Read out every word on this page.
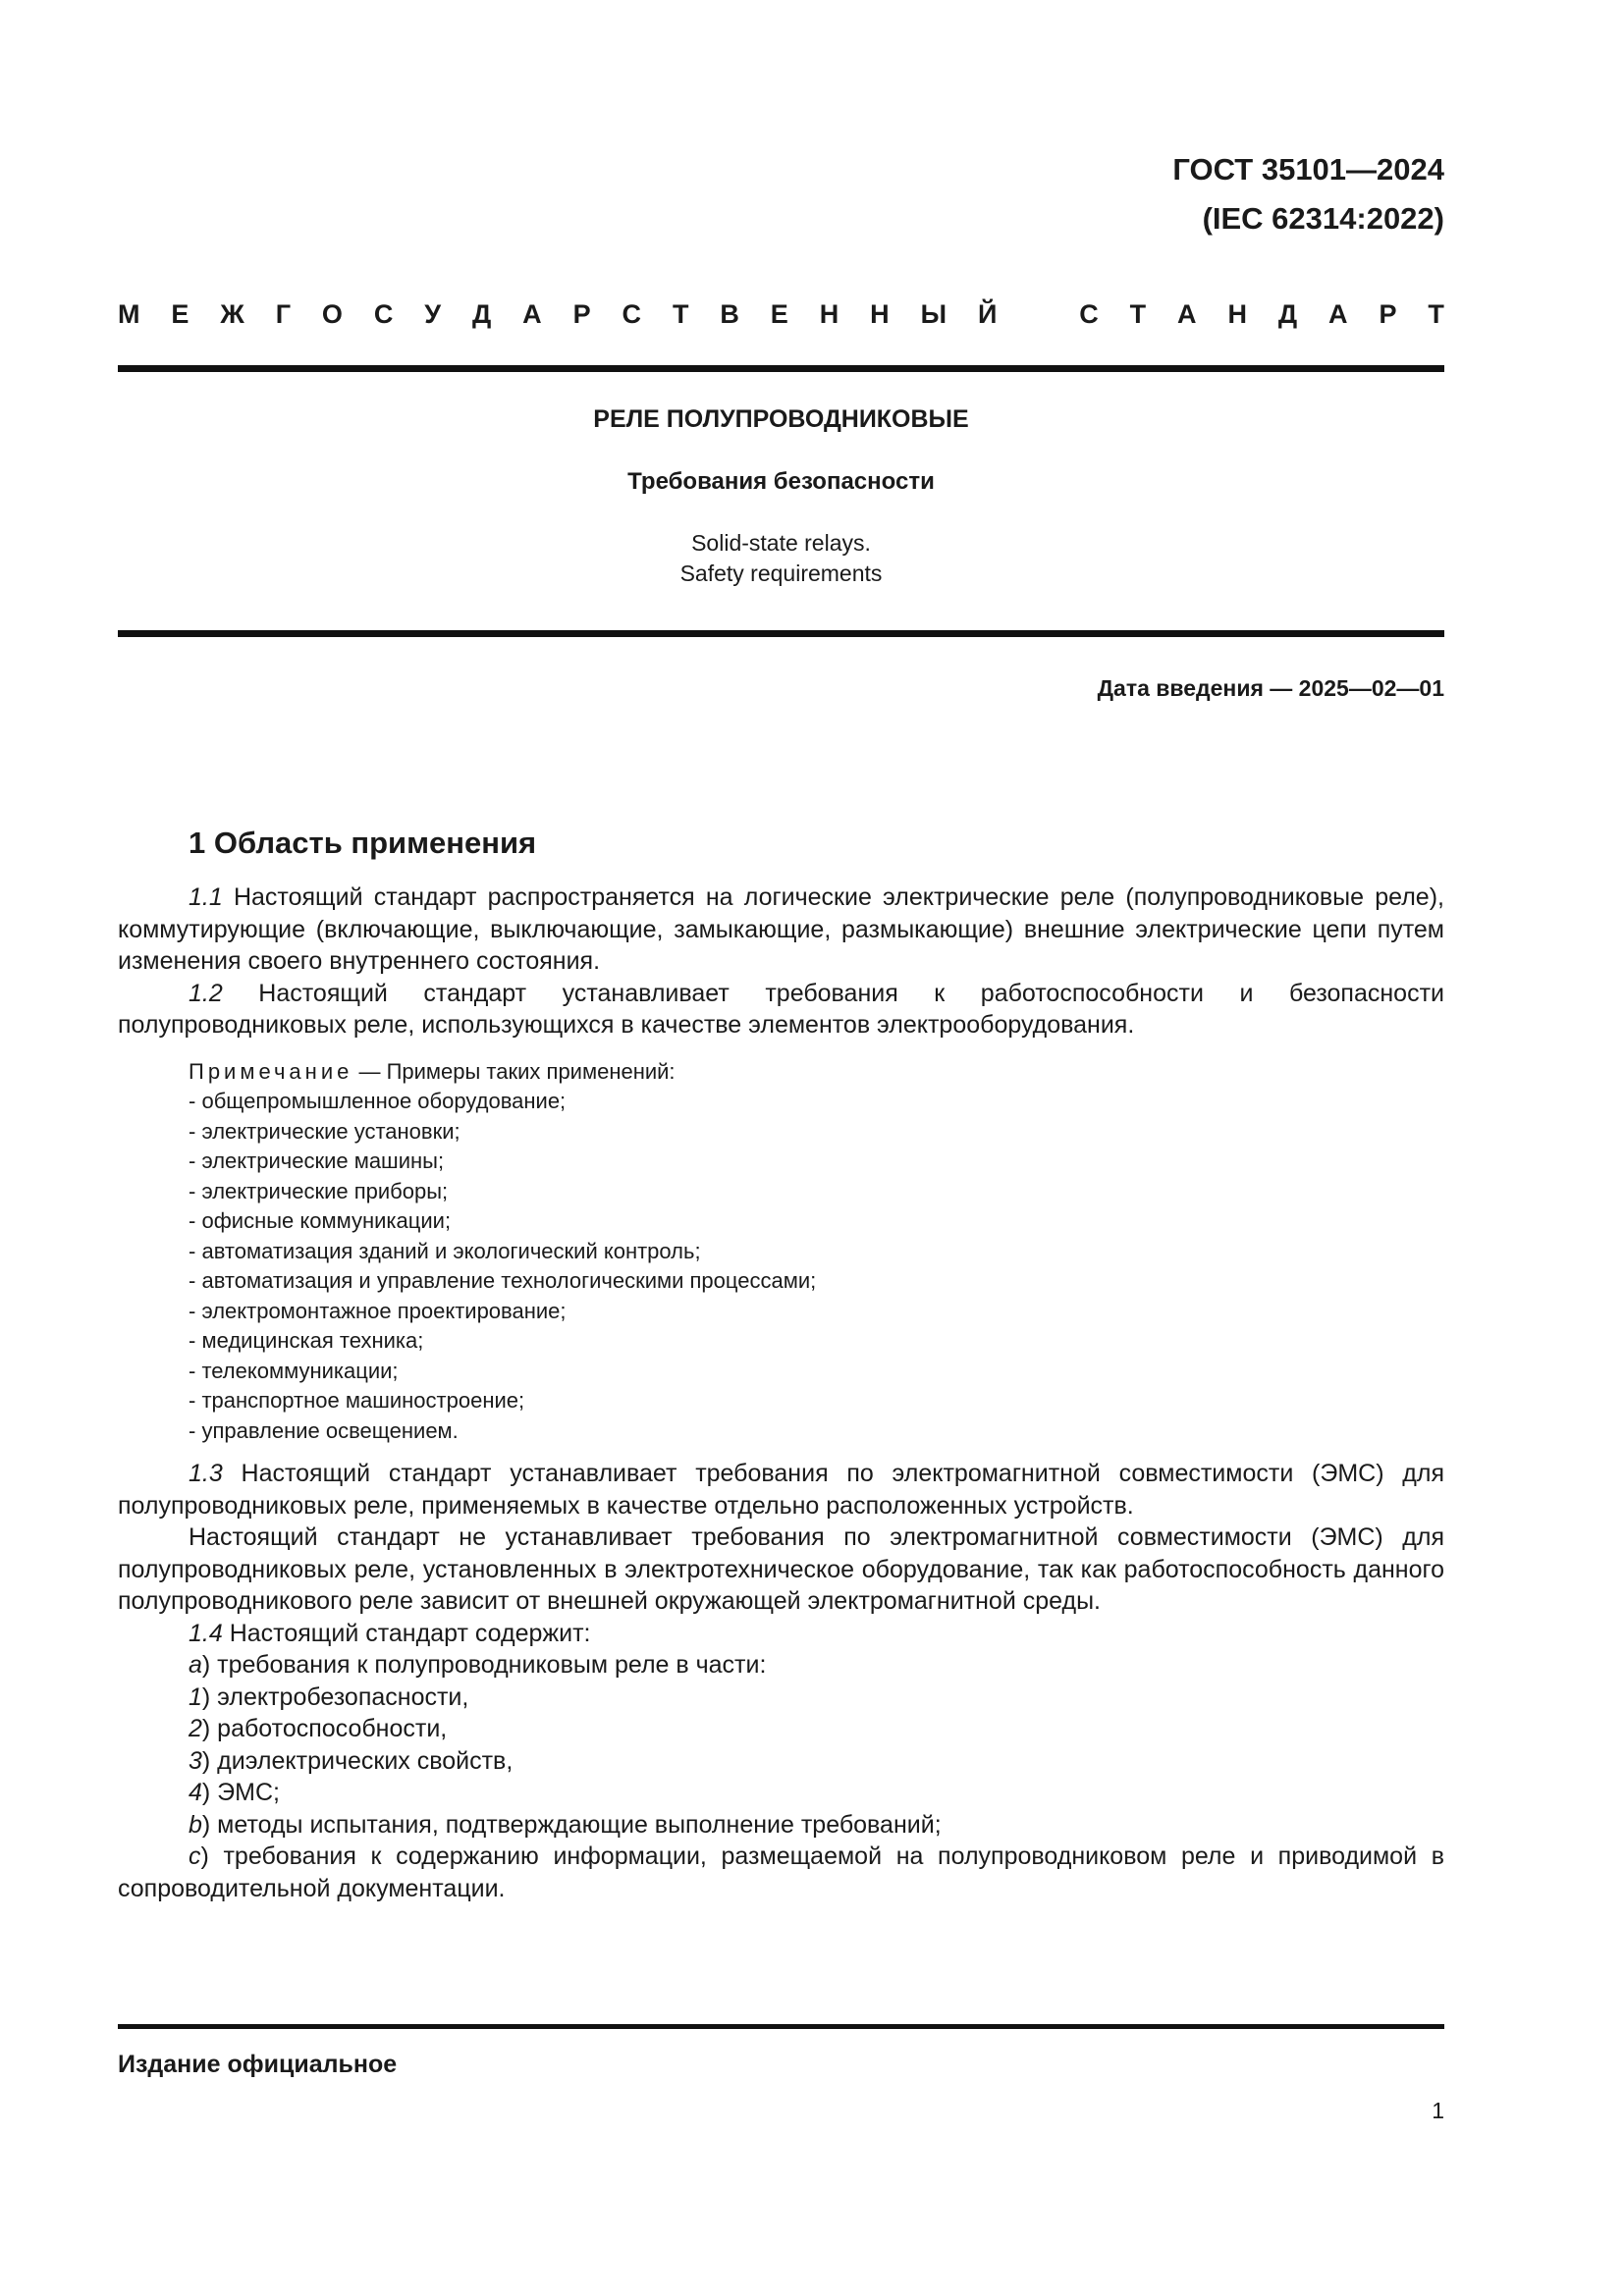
ГОСТ 35101—2024
(IEC 62314:2022)
М Е Ж Г О С У Д А Р С Т В Е Н Н Ы Й	С Т А Н Д А Р Т
РЕЛЕ ПОЛУПРОВОДНИКОВЫЕ
Требования безопасности
Solid-state relays.
Safety requirements
Дата введения — 2025—02—01
1 Область применения

1.1 Настоящий стандарт распространяется на логические электрические реле (полупроводниковые реле), коммутирующие (включающие, выключающие, замыкающие, размыкающие) внешние электрические цепи путем изменения своего внутреннего состояния.

1.2 Настоящий стандарт устанавливает требования к работоспособности и безопасности полупроводниковых реле, использующихся в качестве элементов электрооборудования.

Примечание — Примеры таких применений:
- общепромышленное оборудование;
- электрические установки;
- электрические машины;
- электрические приборы;
- офисные коммуникации;
- автоматизация зданий и экологический контроль;
- автоматизация и управление технологическими процессами;
- электромонтажное проектирование;
- медицинская техника;
- телекоммуникации;
- транспортное машиностроение;
- управление освещением.

1.3 Настоящий стандарт устанавливает требования по электромагнитной совместимости (ЭМС) для полупроводниковых реле, применяемых в качестве отдельно расположенных устройств.

Настоящий стандарт не устанавливает требования по электромагнитной совместимости (ЭМС) для полупроводниковых реле, установленных в электротехническое оборудование, так как работоспособность данного полупроводникового реле зависит от внешней окружающей электромагнитной среды.

1.4 Настоящий стандарт содержит:

a) требования к полупроводниковым реле в части:

1) электробезопасности,

2) работоспособности,

3) диэлектрических свойств,

4) ЭМС;

b) методы испытания, подтверждающие выполнение требований;

c) требования к содержанию информации, размещаемой на полупроводниковом реле и приводимой в сопроводительной документации.

Издание официальное
1
